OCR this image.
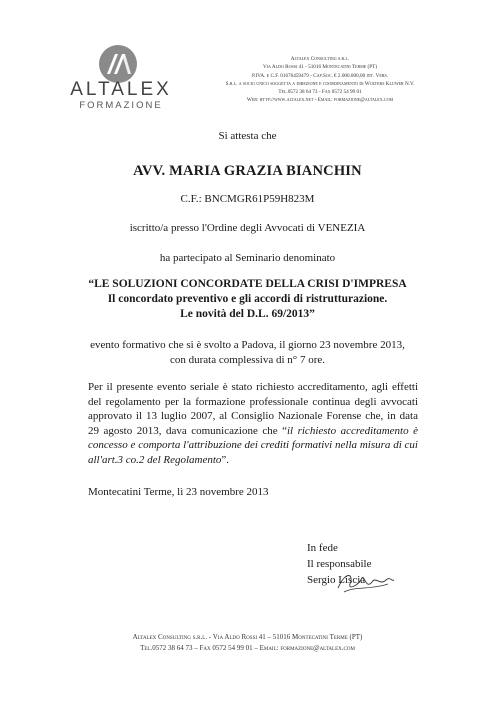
ALTALEX
FORMAZIONE
Altalex Consulting s.r.l.
Via Aldo Rossi 41 - 51016 Montecatini Terme (PT)
P.IVA. e C.F. 01676459479 - Cap.Soc. € 2.000.000,00 int. Vers.
S.r.l. a socio unico soggetta a direzione e coordinamento di Wolters Kluwer N.V.
Tel.0572 38 64 73 - Fax 0572 54 99 01
Web: http://www.altalex.net - Email: formazione@altalex.com
Si attesta che
AVV. MARIA GRAZIA BIANCHIN
C.F.: BNCMGR61P59H823M
iscritto/a presso l'Ordine degli Avvocati di VENEZIA
ha partecipato al Seminario denominato
“LE SOLUZIONI CONCORDATE DELLA CRISI D'IMPRESA
Il concordato preventivo e gli accordi di ristrutturazione.
Le novità del D.L. 69/2013”
evento formativo che si è svolto a Padova, il giorno 23 novembre 2013,
con durata complessiva di n° 7 ore.

Per il presente evento seriale è stato richiesto accreditamento, agli effetti del regolamento per la formazione professionale continua degli avvocati approvato il 13 luglio 2007, al Consiglio Nazionale Forense che, in data 29 agosto 2013, dava comunicazione che “il richiesto accreditamento è concesso e comporta l'attribuzione dei crediti formativi nella misura di cui all'art.3 co.2 del Regolamento”.

Montecatini Terme, lì 23 novembre 2013
In fede
Il responsabile
Sergio Liscia
Altalex Consulting s.r.l. - Via Aldo Rossi 41 – 51016 Montecatini Terme (PT)
Tel.0572 38 64 73 – Fax 0572 54 99 01 – Email: formazione@altalex.com
